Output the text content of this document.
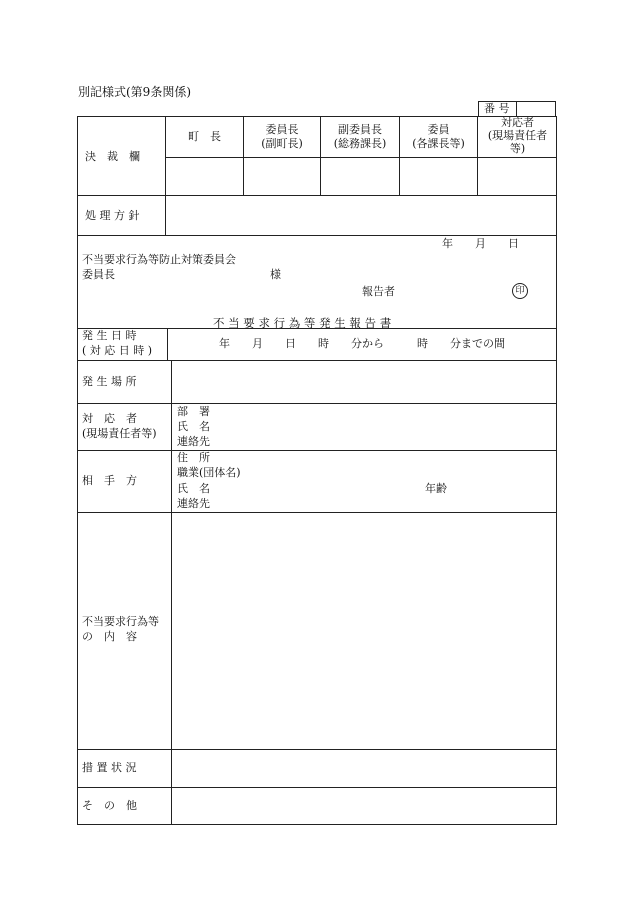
別記様式(第9条関係)
番 号
決　裁　欄
町　長
委員長
(副町長)
副委員長
(総務課長)
委員
(各課長等)
対応者
(現場責任者
等)
処 理 方 針
年　　月　　日
不当要求行為等防止対策委員会
委員長	様
報告者	印
不 当 要 求 行 為 等 発 生 報 告 書
発 生 日 時
( 対 応 日 時 )
年　　月　　日　　時　　分から　　　時　　分までの間
発 生 場 所
対　応　者
(現場責任者等)
部　署
氏　名
連絡先
相　手　方
住　所
職業(団体名)
氏　名
連絡先
年齢
不当要求行為等
の　内　容
措 置 状 況
そ　の　他
